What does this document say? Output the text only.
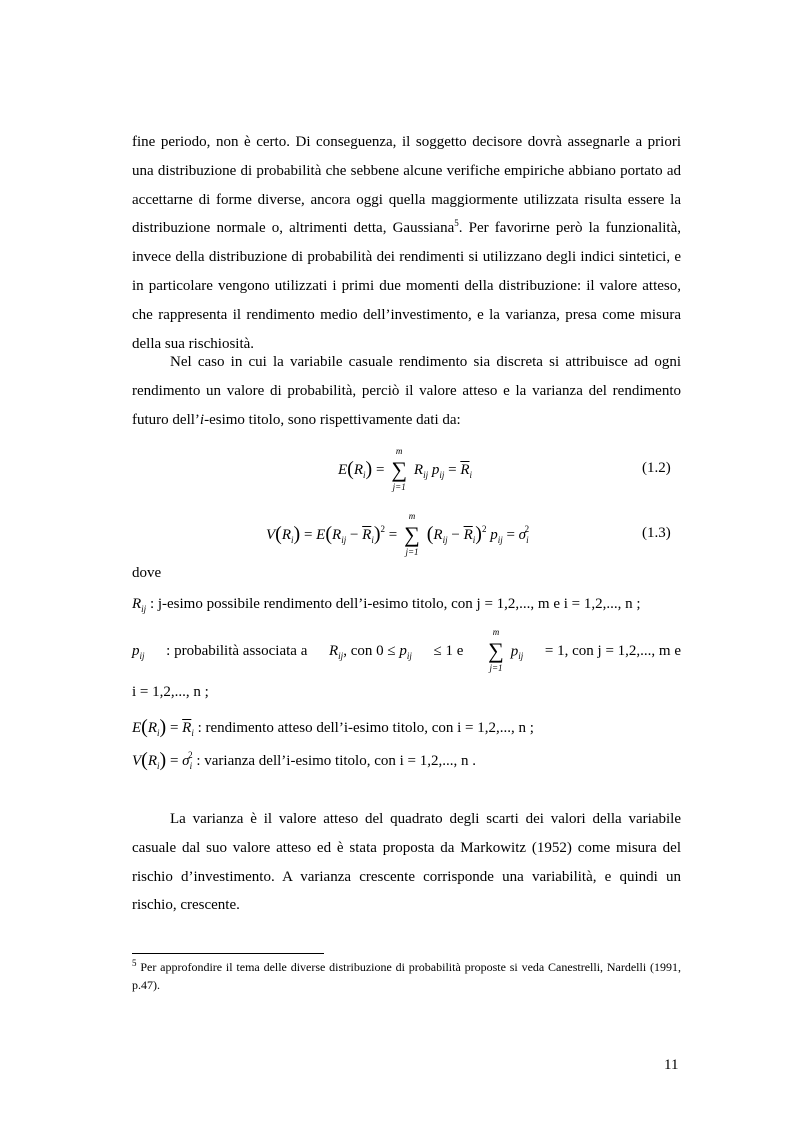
fine periodo, non è certo. Di conseguenza, il soggetto decisore dovrà assegnarle a priori una distribuzione di probabilità che sebbene alcune verifiche empiriche abbiano portato ad accettarne di forme diverse, ancora oggi quella maggiormente utilizzata risulta essere la distribuzione normale o, altrimenti detta, Gaussiana$^5$. Per favorirne però la funzionalità, invece della distribuzione di probabilità dei rendimenti si utilizzano degli indici sintetici, e in particolare vengono utilizzati i primi due momenti della distribuzione: il valore atteso, che rappresenta il rendimento medio dell’investimento, e la varianza, presa come misura della sua rischiosità.

Nel caso in cui la variabile casuale rendimento sia discreta si attribuisce ad ogni rendimento un valore di probabilità, perciò il valore atteso e la varianza del rendimento futuro dell’i-esimo titolo, sono rispettivamente dati da:

$E(R_i)$ =
m
∑
j=1
$R_{ij}$ $p_{ij} = \overline{R}_i$	(1.2)
$V(R_i) = E(R_{ij} - \overline{R}_i)^2$ =
m
∑
j=1
$(R_{ij} - \overline{R}_i)^2$ $p_{ij} = \sigma_i^2$	(1.3)
dove
$R_{ij}$ : j-esimo possibile rendimento dell’i-esimo titolo, con j = 1,2,..., m e i = 1,2,..., n ;
$p_{ij}$ : probabilità associata a $R_{ij}$, con $0 \le p_{ij} \le 1$ e
m
∑
j=1
$p_{ij} = 1$, con j = 1,2,..., m e
i = 1,2,..., n ;
$E(R_i) = \overline{R}_i$ : rendimento atteso dell’i-esimo titolo, con i = 1,2,..., n ;
$V(R_i) = \sigma_i^2$ : varianza dell’i-esimo titolo, con i = 1,2,..., n .

La varianza è il valore atteso del quadrato degli scarti dei valori della variabile casuale dal suo valore atteso ed è stata proposta da Markowitz (1952) come misura del rischio d’investimento. A varianza crescente corrisponde una variabilità, e quindi un rischio, crescente.

$^5$ Per approfondire il tema delle diverse distribuzione di probabilità proposte si veda Canestrelli, Nardelli (1991, p.47).

11
